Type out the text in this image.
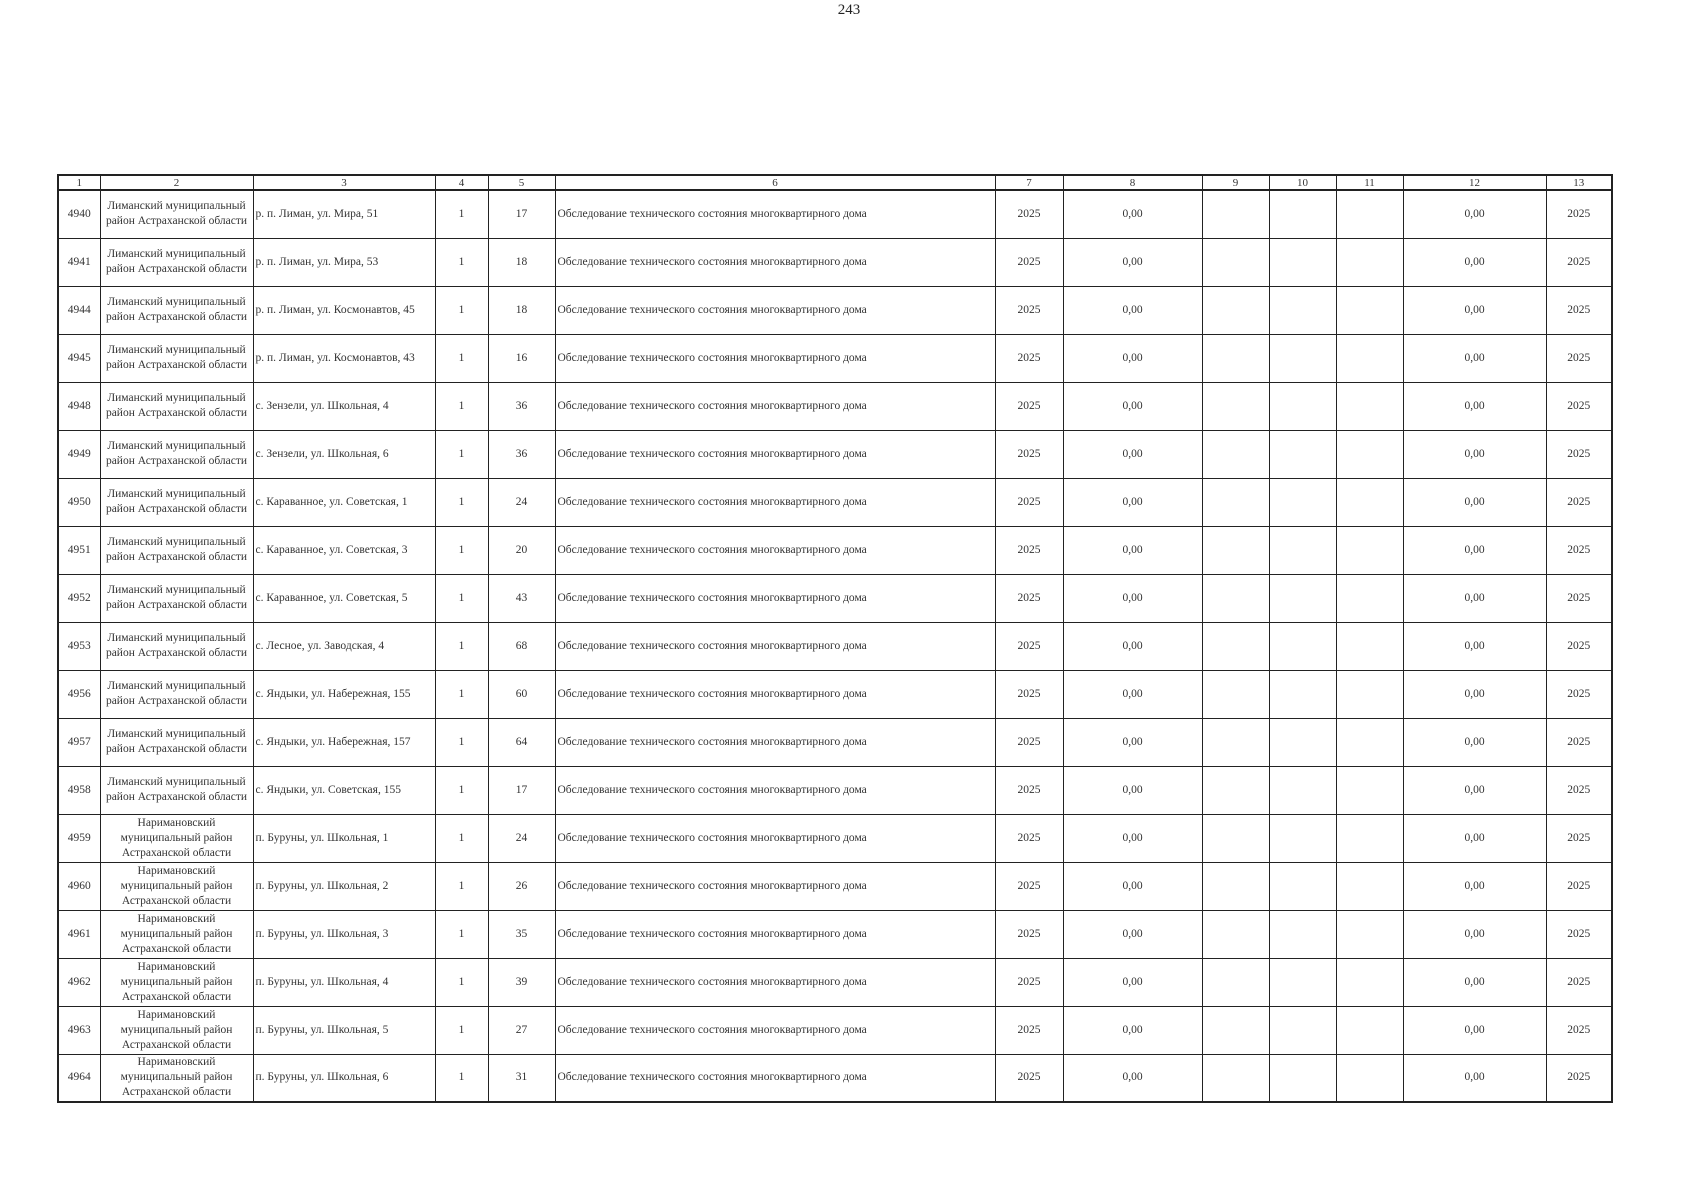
243
1	2	3	4	5	6	7	8	9	10	11	12	13
4940	Лиманский муниципальный район Астраханской области	р. п. Лиман, ул. Мира, 51	1	17	Обследование технического состояния многоквартирного дома	2025	0,00				0,00	2025
4941	Лиманский муниципальный район Астраханской области	р. п. Лиман, ул. Мира, 53	1	18	Обследование технического состояния многоквартирного дома	2025	0,00				0,00	2025
4944	Лиманский муниципальный район Астраханской области	р. п. Лиман, ул. Космонавтов, 45	1	18	Обследование технического состояния многоквартирного дома	2025	0,00				0,00	2025
4945	Лиманский муниципальный район Астраханской области	р. п. Лиман, ул. Космонавтов, 43	1	16	Обследование технического состояния многоквартирного дома	2025	0,00				0,00	2025
4948	Лиманский муниципальный район Астраханской области	с. Зензели, ул. Школьная, 4	1	36	Обследование технического состояния многоквартирного дома	2025	0,00				0,00	2025
4949	Лиманский муниципальный район Астраханской области	с. Зензели, ул. Школьная, 6	1	36	Обследование технического состояния многоквартирного дома	2025	0,00				0,00	2025
4950	Лиманский муниципальный район Астраханской области	с. Караванное, ул. Советская, 1	1	24	Обследование технического состояния многоквартирного дома	2025	0,00				0,00	2025
4951	Лиманский муниципальный район Астраханской области	с. Караванное, ул. Советская, 3	1	20	Обследование технического состояния многоквартирного дома	2025	0,00				0,00	2025
4952	Лиманский муниципальный район Астраханской области	с. Караванное, ул. Советская, 5	1	43	Обследование технического состояния многоквартирного дома	2025	0,00				0,00	2025
4953	Лиманский муниципальный район Астраханской области	с. Лесное, ул. Заводская, 4	1	68	Обследование технического состояния многоквартирного дома	2025	0,00				0,00	2025
4956	Лиманский муниципальный район Астраханской области	с. Яндыки, ул. Набережная, 155	1	60	Обследование технического состояния многоквартирного дома	2025	0,00				0,00	2025
4957	Лиманский муниципальный район Астраханской области	с. Яндыки, ул. Набережная, 157	1	64	Обследование технического состояния многоквартирного дома	2025	0,00				0,00	2025
4958	Лиманский муниципальный район Астраханской области	с. Яндыки, ул. Советская, 155	1	17	Обследование технического состояния многоквартирного дома	2025	0,00				0,00	2025
4959	Наримановский муниципальный район Астраханской области	п. Буруны, ул. Школьная, 1	1	24	Обследование технического состояния многоквартирного дома	2025	0,00				0,00	2025
4960	Наримановский муниципальный район Астраханской области	п. Буруны, ул. Школьная, 2	1	26	Обследование технического состояния многоквартирного дома	2025	0,00				0,00	2025
4961	Наримановский муниципальный район Астраханской области	п. Буруны, ул. Школьная, 3	1	35	Обследование технического состояния многоквартирного дома	2025	0,00				0,00	2025
4962	Наримановский муниципальный район Астраханской области	п. Буруны, ул. Школьная, 4	1	39	Обследование технического состояния многоквартирного дома	2025	0,00				0,00	2025
4963	Наримановский муниципальный район Астраханской области	п. Буруны, ул. Школьная, 5	1	27	Обследование технического состояния многоквартирного дома	2025	0,00				0,00	2025
4964	Наримановский муниципальный район Астраханской области	п. Буруны, ул. Школьная, 6	1	31	Обследование технического состояния многоквартирного дома	2025	0,00				0,00	2025
